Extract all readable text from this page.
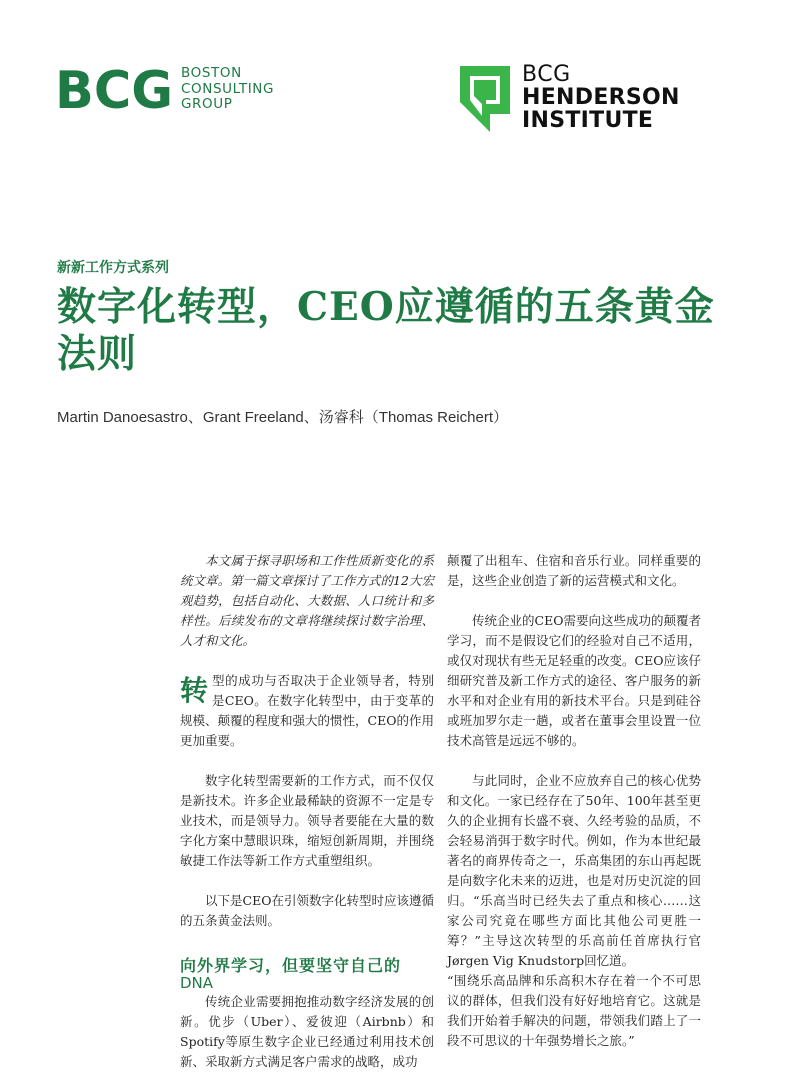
BCG BOSTON
CONSULTING
GROUP
BCG
HENDERSON
INSTITUTE
新新工作方式系列
数字化转型，CEO应遵循的五条黄金法则
Martin Danoesastro、Grant Freeland、汤睿科（Thomas Reichert）

本文属于探寻职场和工作性质新变化的系统文章。第一篇文章探讨了工作方式的12大宏观趋势，包括自动化、大数据、人口统计和多样性。后续发布的文章将继续探讨数字治理、人才和文化。

转型的成功与否取决于企业领导者，特别是CEO。在数字化转型中，由于变革的规模、颠覆的程度和强大的惯性，CEO的作用更加重要。

数字化转型需要新的工作方式，而不仅仅是新技术。许多企业最稀缺的资源不一定是专业技术，而是领导力。领导者要能在大量的数字化方案中慧眼识珠，缩短创新周期，并围绕敏捷工作法等新工作方式重塑组织。

以下是CEO在引领数字化转型时应该遵循的五条黄金法则。

向外界学习，但要坚守自己的
DNA

传统企业需要拥抱推动数字经济发展的创新。优步（Uber）、爱彼迎（Airbnb）和Spotify等原生数字企业已经通过利用技术创新、采取新方式满足客户需求的战略，成功

颠覆了出租车、住宿和音乐行业。同样重要的是，这些企业创造了新的运营模式和文化。

传统企业的CEO需要向这些成功的颠覆者学习，而不是假设它们的经验对自己不适用，或仅对现状有些无足轻重的改变。CEO应该仔细研究普及新工作方式的途径、客户服务的新水平和对企业有用的新技术平台。只是到硅谷或班加罗尔走一趟，或者在董事会里设置一位技术高管是远远不够的。

与此同时，企业不应放弃自己的核心优势和文化。一家已经存在了50年、100年甚至更久的企业拥有长盛不衰、久经考验的品质，不会轻易消弭于数字时代。例如，作为本世纪最著名的商界传奇之一，乐高集团的东山再起既是向数字化未来的迈进，也是对历史沉淀的回归。“乐高当时已经失去了重点和核心……这家公司究竟在哪些方面比其他公司更胜一筹？”主导这次转型的乐高前任首席执行官Jørgen Vig Knudstorp回忆道。

“围绕乐高品牌和乐高积木存在着一个不可思议的群体，但我们没有好好地培育它。这就是我们开始着手解决的问题，带领我们踏上了一段不可思议的十年强势增长之旅。”
